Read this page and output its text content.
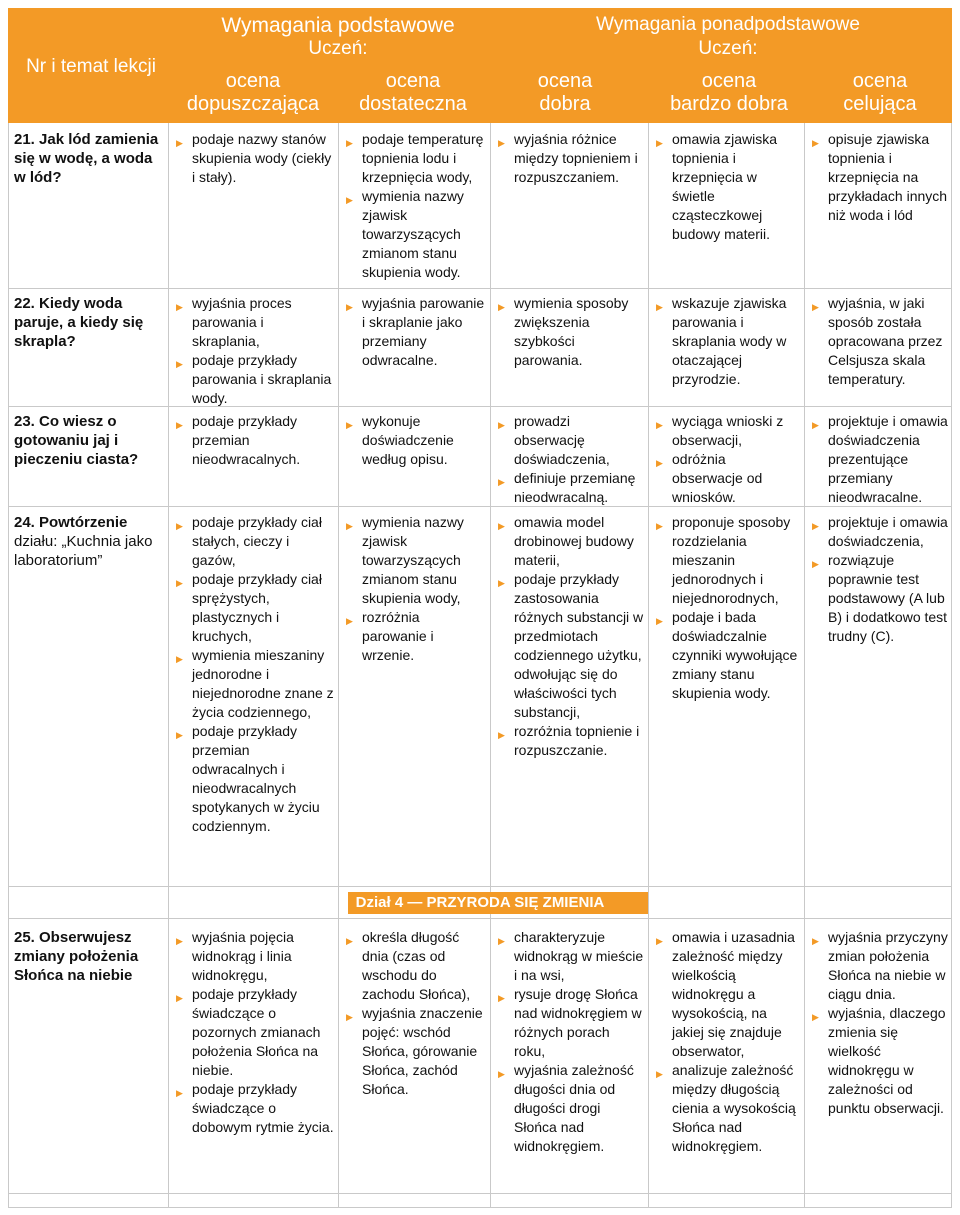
Nr i temat lekcji
Wymagania podstawowe
Uczeń:
Wymagania ponadpodstawowe
Uczeń:
ocena
dopuszczająca
ocena
dostateczna
ocena
dobra
ocena
bardzo dobra
ocena
celująca
21. Jak lód zamienia się w wodę, a woda w lód?
▶ podaje nazwy stanów skupienia wody (ciekły i stały).
▶ podaje temperaturę topnienia lodu i krzepnięcia wody,
▶ wymienia nazwy zjawisk towarzyszących zmianom stanu skupienia wody.
▶ wyjaśnia różnice między topnieniem i rozpuszczaniem.
▶ omawia zjawiska topnienia i krzepnięcia w świetle cząsteczkowej budowy materii.
▶ opisuje zjawiska topnienia i krzepnięcia na przykładach innych niż woda i lód
22. Kiedy woda paruje, a kiedy się skrapla?
▶ wyjaśnia proces parowania i skraplania,
▶ podaje przykłady parowania i skraplania wody.
▶ wyjaśnia parowanie i skraplanie jako przemiany odwracalne.
▶ wymienia sposoby zwiększenia szybkości parowania.
▶ wskazuje zjawiska parowania i skraplania wody w otaczającej przyrodzie.
▶ wyjaśnia, w jaki sposób została opracowana przez Celsjusza skala temperatury.
23. Co wiesz o gotowaniu jaj i pieczeniu ciasta?
▶ podaje przykłady przemian nieodwracalnych.
▶ wykonuje doświadczenie według opisu.
▶ prowadzi obserwację doświadczenia,
▶ definiuje przemianę nieodwracalną.
▶ wyciąga wnioski z obserwacji,
▶ odróżnia obserwacje od wniosków.
▶ projektuje i omawia doświadczenia prezentujące przemiany nieodwracalne.
24. Powtórzenie
działu: „Kuchnia jako laboratorium”
▶ podaje przykłady ciał stałych, cieczy i gazów,
▶ podaje przykłady ciał sprężystych, plastycznych i kruchych,
▶ wymienia mieszaniny jednorodne i niejednorodne znane z życia codziennego,
▶ podaje przykłady przemian odwracalnych i nieodwracalnych spotykanych w życiu codziennym.
▶ wymienia nazwy zjawisk towarzyszących zmianom stanu skupienia wody,
▶ rozróżnia parowanie i wrzenie.
▶ omawia model drobinowej budowy materii,
▶ podaje przykłady zastosowania różnych substancji w przedmiotach codziennego użytku, odwołując się do właściwości tych substancji,
▶ rozróżnia topnienie i rozpuszczanie.
▶ proponuje sposoby rozdzielania mieszanin jednorodnych i niejednorodnych,
▶ podaje i bada doświadczalnie czynniki wywołujące zmiany stanu skupienia wody.
▶ projektuje i omawia doświadczenia,
▶ rozwiązuje poprawnie test podstawowy (A lub B) i dodatkowo test trudny (C).
25. Obserwujesz zmiany położenia Słońca na niebie
▶ wyjaśnia pojęcia widnokrąg i linia widnokręgu,
▶ podaje przykłady świadczące o pozornych zmianach położenia Słońca na niebie.
▶ podaje przykłady świadczące o dobowym rytmie życia.
▶ określa długość dnia (czas od wschodu do zachodu Słońca),
▶ wyjaśnia znaczenie pojęć: wschód Słońca, górowanie Słońca, zachód Słońca.
▶ charakteryzuje widnokrąg w mieście i na wsi,
▶ rysuje drogę Słońca nad widnokręgiem w różnych porach roku,
▶ wyjaśnia zależność długości dnia od długości drogi Słońca nad widnokręgiem.
▶ omawia i uzasadnia zależność między wielkością widnokręgu a wysokością, na jakiej się znajduje obserwator,
▶ analizuje zależność między długością cienia a wysokością Słońca nad widnokręgiem.
▶ wyjaśnia przyczyny zmian położenia Słońca na niebie w ciągu dnia.
▶ wyjaśnia, dlaczego zmienia się wielkość widnokręgu w zależności od punktu obserwacji.
Dział 4 — PRZYRODA SIĘ ZMIENIA
